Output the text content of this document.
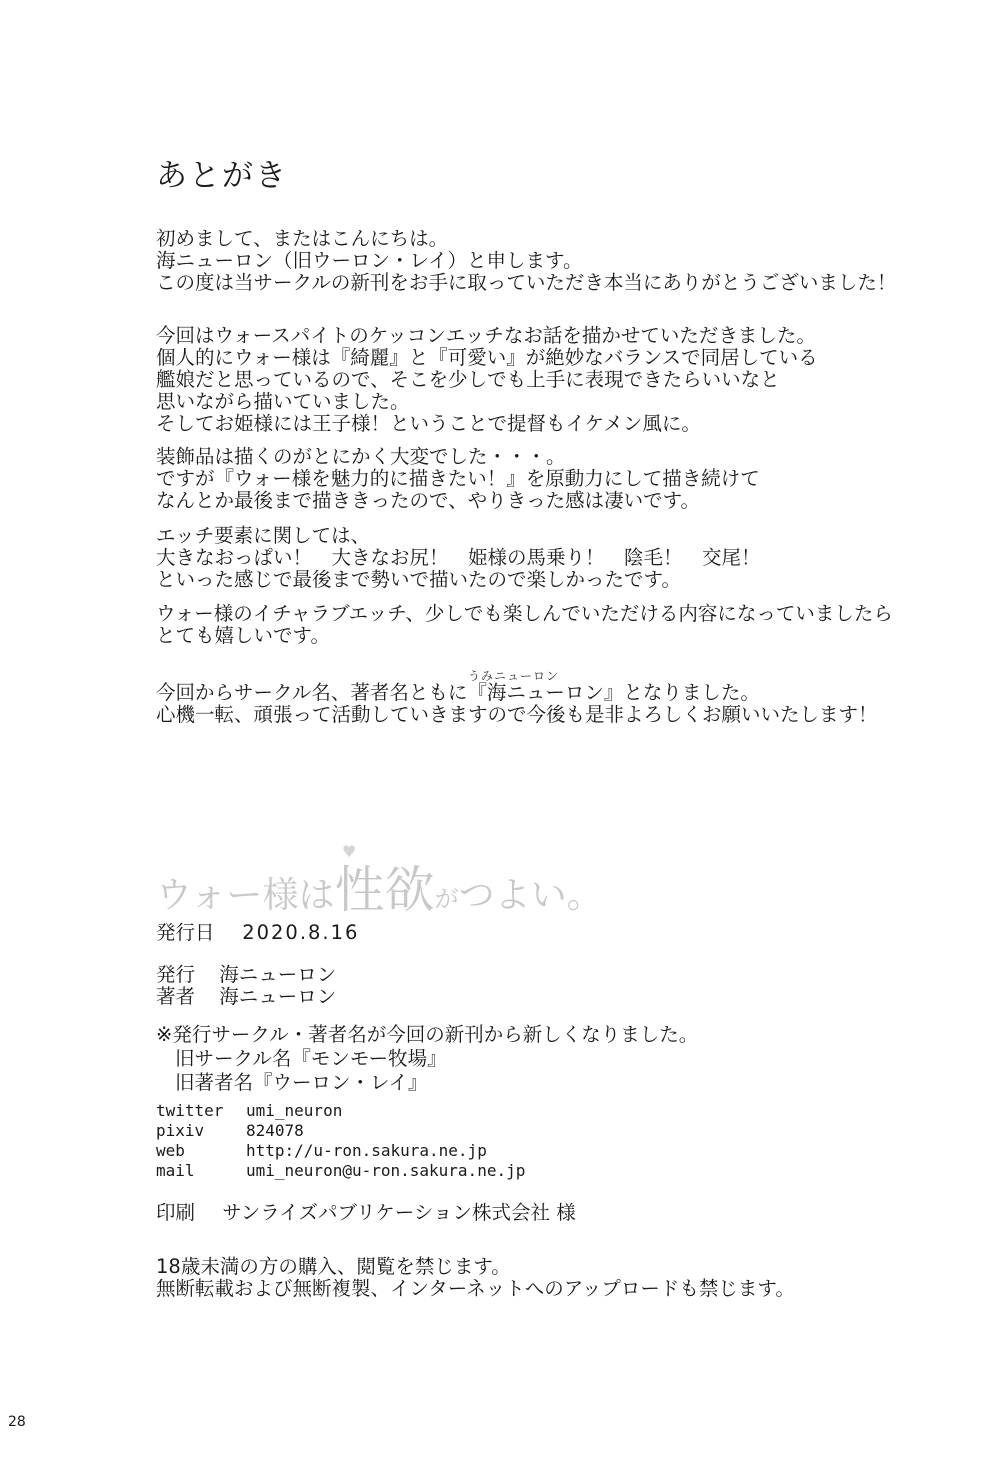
あとがき
初めまして、またはこんにちは。
海ニューロン（旧ウーロン・レイ）と申します。
この度は当サークルの新刊をお手に取っていただき本当にありがとうございました！
今回はウォースパイトのケッコンエッチなお話を描かせていただきました。
個人的にウォー様は『綺麗』と『可愛い』が絶妙なバランスで同居している
艦娘だと思っているので、そこを少しでも上手に表現できたらいいなと
思いながら描いていました。
そしてお姫様には王子様！ということで提督もイケメン風に。
装飾品は描くのがとにかく大変でした・・・。
ですが『ウォー様を魅力的に描きたい！』を原動力にして描き続けて
なんとか最後まで描ききったので、やりきった感は凄いです。
エッチ要素に関しては、
大きなおっぱい！　大きなお尻！　姫様の馬乗り！　陰毛！　交尾！
といった感じで最後まで勢いで描いたので楽しかったです。
ウォー様のイチャラブエッチ、少しでも楽しんでいただける内容になっていましたら
とても嬉しいです。
うみニューロン
今回からサークル名、著者名ともに『海ニューロン』となりました。
心機一転、頑張って活動していきますので今後も是非よろしくお願いいたします！
♥
ウォー様は性欲がつよい。
発行日 2020.8.16
発行 海ニューロン
著者 海ニューロン
※発行サークル・著者名が今回の新刊から新しくなりました。
旧サークル名『モンモー牧場』
旧著者名『ウーロン・レイ』
twitter umi_neuron
pixiv	824078
web	http://u-ron.sakura.ne.jp
mail	umi_neuron@u-ron.sakura.ne.jp
印刷 サンライズパブリケーション株式会社 様
18歳未満の方の購入、閲覧を禁じます。
無断転載および無断複製、インターネットへのアップロードも禁じます。
28
